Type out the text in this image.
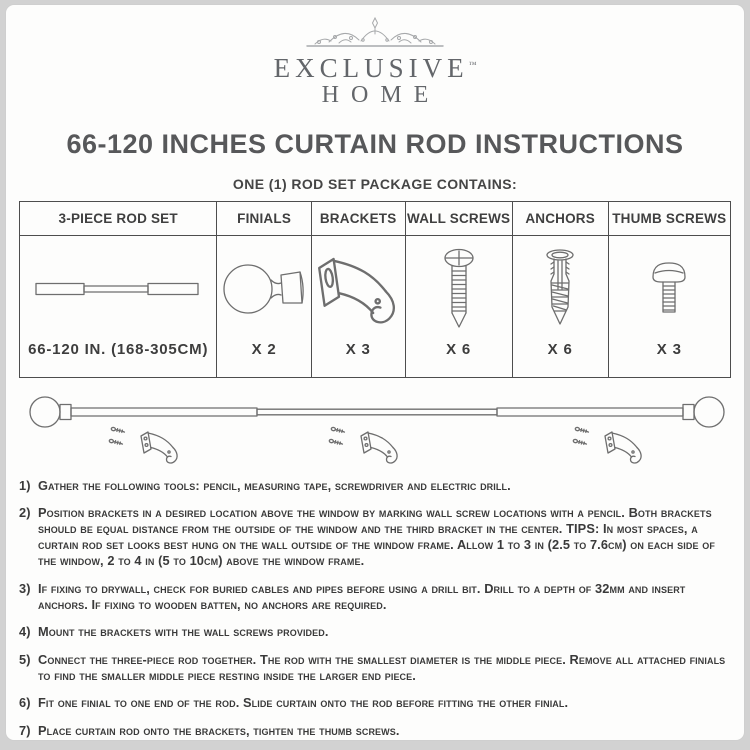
EXCLUSIVE™
HOME
66-120 INCHES CURTAIN ROD INSTRUCTIONS
ONE (1) ROD SET PACKAGE CONTAINS:
3-PIECE ROD SET
66-120 IN. (168-305CM)
FINIALS
X 2
BRACKETS
X 3
WALL SCREWS
X 6
ANCHORS
X 6
THUMB SCREWS
X 3
1) Gather the following tools: pencil, measuring tape, screwdriver and electric drill.
2) Position brackets in a desired location above the window by marking wall screw locations with a pencil. Both brackets should be equal distance from the outside of the window and the third bracket in the center. TIPS: In most spaces, a curtain rod set looks best hung on the wall outside of the window frame. Allow 1 to 3 in (2.5 to 7.6cm) on each side of the window, 2 to 4 in (5 to 10cm) above the window frame.
3) If fixing to drywall, check for buried cables and pipes before using a drill bit. Drill to a depth of 32mm and insert anchors. If fixing to wooden batten, no anchors are required.
4) Mount the brackets with the wall screws provided.
5) Connect the three-piece rod together. The rod with the smallest diameter is the middle piece. Remove all attached finials to find the smaller middle piece resting inside the larger end piece.
6) Fit one finial to one end of the rod. Slide curtain onto the rod before fitting the other finial.
7) Place curtain rod onto the brackets, tighten the thumb screws.
